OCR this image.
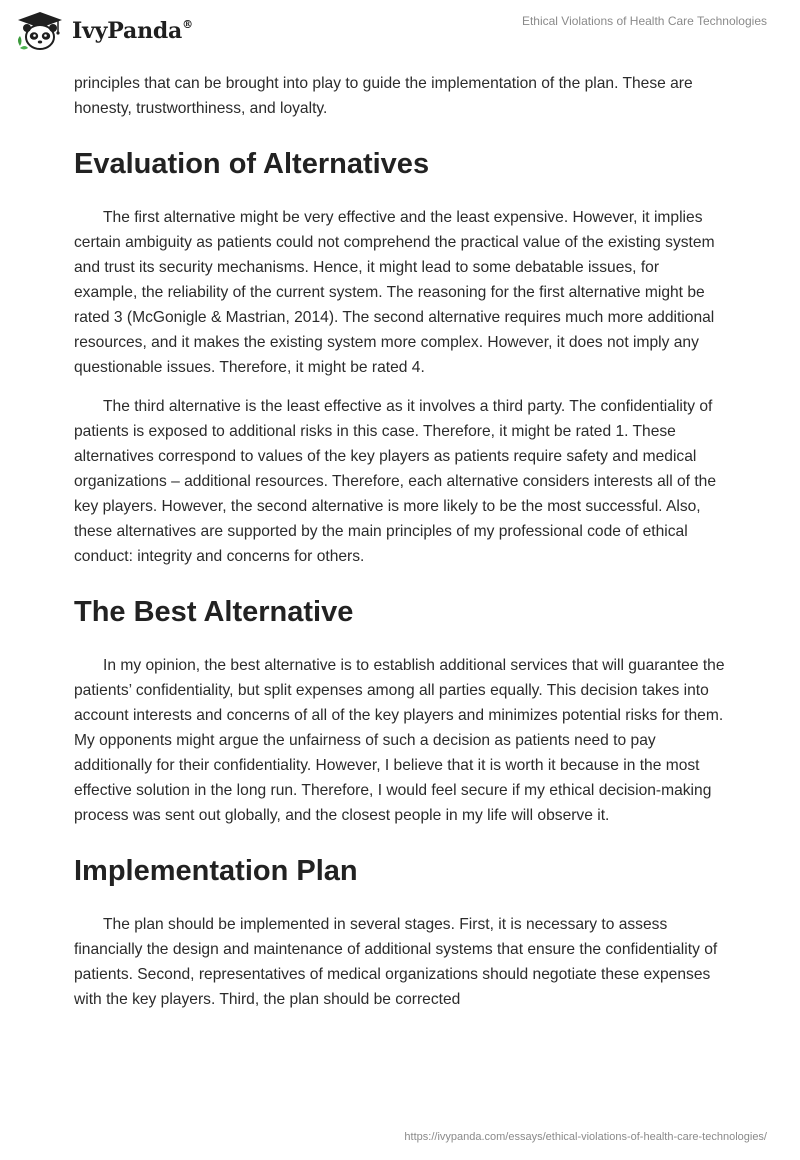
IvyPanda®	Ethical Violations of Health Care Technologies

principles that can be brought into play to guide the implementation of the plan. These are honesty, trustworthiness, and loyalty.

Evaluation of Alternatives

The first alternative might be very effective and the least expensive. However, it implies certain ambiguity as patients could not comprehend the practical value of the existing system and trust its security mechanisms. Hence, it might lead to some debatable issues, for example, the reliability of the current system. The reasoning for the first alternative might be rated 3 (McGonigle & Mastrian, 2014). The second alternative requires much more additional resources, and it makes the existing system more complex. However, it does not imply any questionable issues. Therefore, it might be rated 4.

The third alternative is the least effective as it involves a third party. The confidentiality of patients is exposed to additional risks in this case. Therefore, it might be rated 1. These alternatives correspond to values of the key players as patients require safety and medical organizations – additional resources. Therefore, each alternative considers interests all of the key players. However, the second alternative is more likely to be the most successful. Also, these alternatives are supported by the main principles of my professional code of ethical conduct: integrity and concerns for others.

The Best Alternative

In my opinion, the best alternative is to establish additional services that will guarantee the patients’ confidentiality, but split expenses among all parties equally. This decision takes into account interests and concerns of all of the key players and minimizes potential risks for them. My opponents might argue the unfairness of such a decision as patients need to pay additionally for their confidentiality. However, I believe that it is worth it because in the most effective solution in the long run. Therefore, I would feel secure if my ethical decision-making process was sent out globally, and the closest people in my life will observe it.

Implementation Plan

The plan should be implemented in several stages. First, it is necessary to assess financially the design and maintenance of additional systems that ensure the confidentiality of patients. Second, representatives of medical organizations should negotiate these expenses with the key players. Third, the plan should be corrected

https://ivypanda.com/essays/ethical-violations-of-health-care-technologies/
